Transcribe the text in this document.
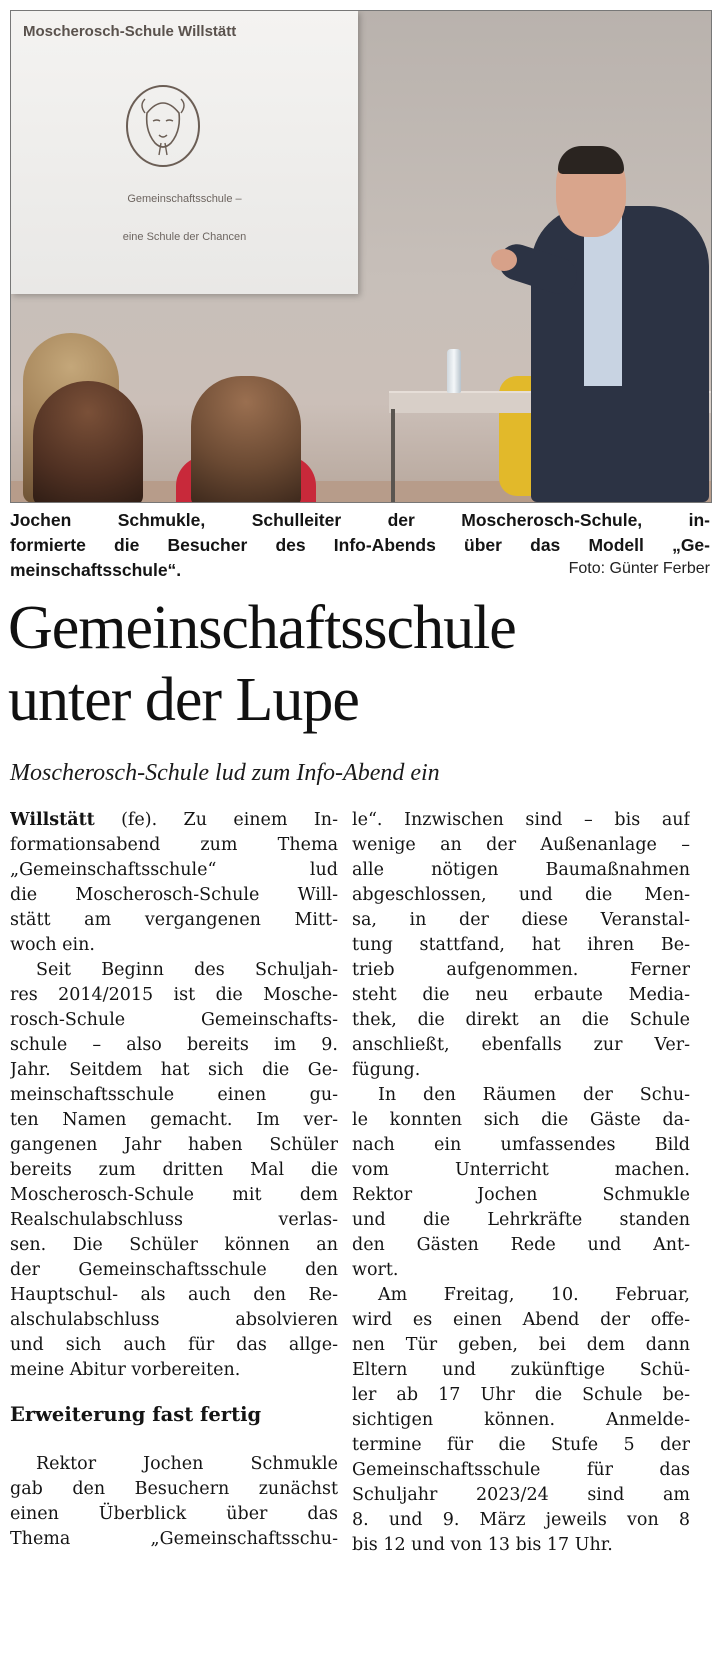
Moscherosch-Schule Willstätt
Gemeinschaftsschule –
eine Schule der Chancen
Jochen Schmukle, Schulleiter der Moscherosch-Schule, in-
formierte die Besucher des Info-Abends über das Modell „Ge-
meinschaftsschule“.	Foto: Günter Ferber
Gemeinschaftsschule
unter der Lupe
Moscherosch-Schule lud zum Info-Abend ein
Willstätt (fe). Zu einem In-
formationsabend zum Thema
„Gemeinschaftsschule“ lud
die Moscherosch-Schule Will-
stätt am vergangenen Mitt-
woch ein.
Seit Beginn des Schuljah-
res 2014/2015 ist die Mosche-
rosch-Schule Gemeinschafts-
schule – also bereits im 9.
Jahr. Seitdem hat sich die Ge-
meinschaftsschule einen gu-
ten Namen gemacht. Im ver-
gangenen Jahr haben Schüler
bereits zum dritten Mal die
Moscherosch-Schule mit dem
Realschulabschluss verlas-
sen. Die Schüler können an
der Gemeinschaftsschule den
Hauptschul- als auch den Re-
alschulabschluss absolvieren
und sich auch für das allge-
meine Abitur vorbereiten.
Erweiterung fast fertig
Rektor Jochen Schmukle
gab den Besuchern zunächst
einen Überblick über das
Thema „Gemeinschaftsschu-
le“. Inzwischen sind – bis auf
wenige an der Außenanlage –
alle nötigen Baumaßnahmen
abgeschlossen, und die Men-
sa, in der diese Veranstal-
tung stattfand, hat ihren Be-
trieb aufgenommen. Ferner
steht die neu erbaute Media-
thek, die direkt an die Schule
anschließt, ebenfalls zur Ver-
fügung.
In den Räumen der Schu-
le konnten sich die Gäste da-
nach ein umfassendes Bild
vom Unterricht machen.
Rektor Jochen Schmukle
und die Lehrkräfte standen
den Gästen Rede und Ant-
wort.
Am Freitag, 10. Februar,
wird es einen Abend der offe-
nen Tür geben, bei dem dann
Eltern und zukünftige Schü-
ler ab 17 Uhr die Schule be-
sichtigen können. Anmelde-
termine für die Stufe 5 der
Gemeinschaftsschule für das
Schuljahr 2023/24 sind am
8. und 9. März jeweils von 8
bis 12 und von 13 bis 17 Uhr.
